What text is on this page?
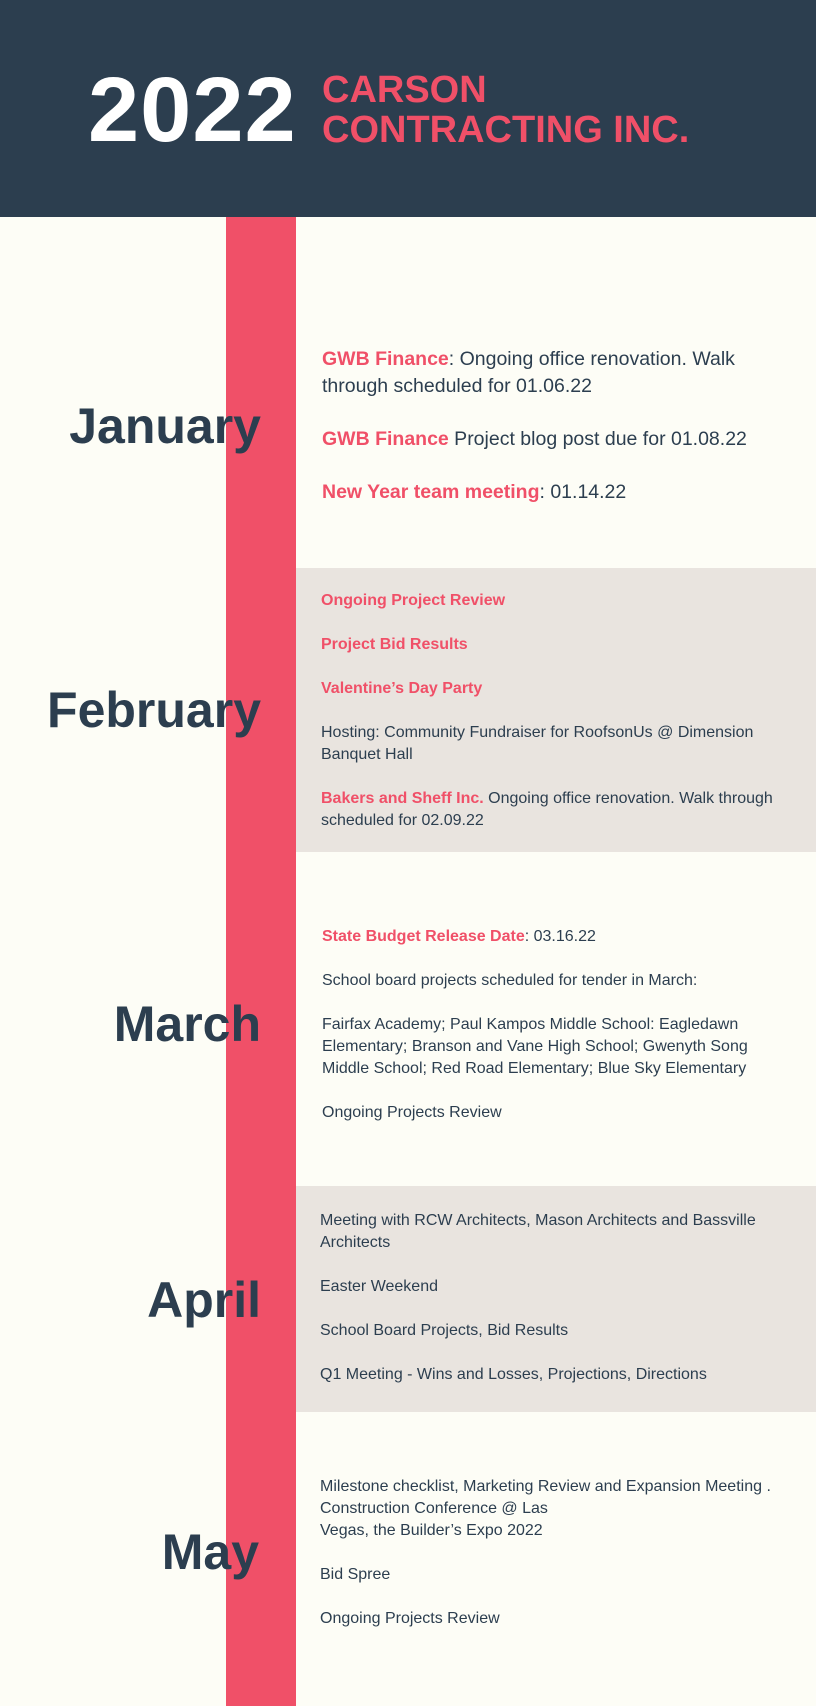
2022 CARSON
CONTRACTING INC.
January

GWB Finance: Ongoing office renovation. Walk through scheduled for 01.06.22

GWB Finance Project blog post due for 01.08.22

New Year team meeting: 01.14.22

February

Ongoing Project Review

Project Bid Results

Valentine’s Day Party

Hosting: Community Fundraiser for RoofsonUs @ Dimension Banquet Hall

Bakers and Sheff Inc. Ongoing office renovation. Walk through scheduled for 02.09.22

March

State Budget Release Date: 03.16.22

School board projects scheduled for tender in March:

Fairfax Academy; Paul Kampos Middle School: Eagledawn Elementary; Branson and Vane High School; Gwenyth Song Middle School; Red Road Elementary; Blue Sky Elementary

Ongoing Projects Review

April

Meeting with RCW Architects, Mason Architects and Bassville Architects

Easter Weekend

School Board Projects, Bid Results

Q1 Meeting - Wins and Losses, Projections, Directions

May

Milestone checklist, Marketing Review and Expansion Meeting .

Construction Conference @ Las Vegas, the Builder’s Expo 2022

Bid Spree

Ongoing Projects Review
